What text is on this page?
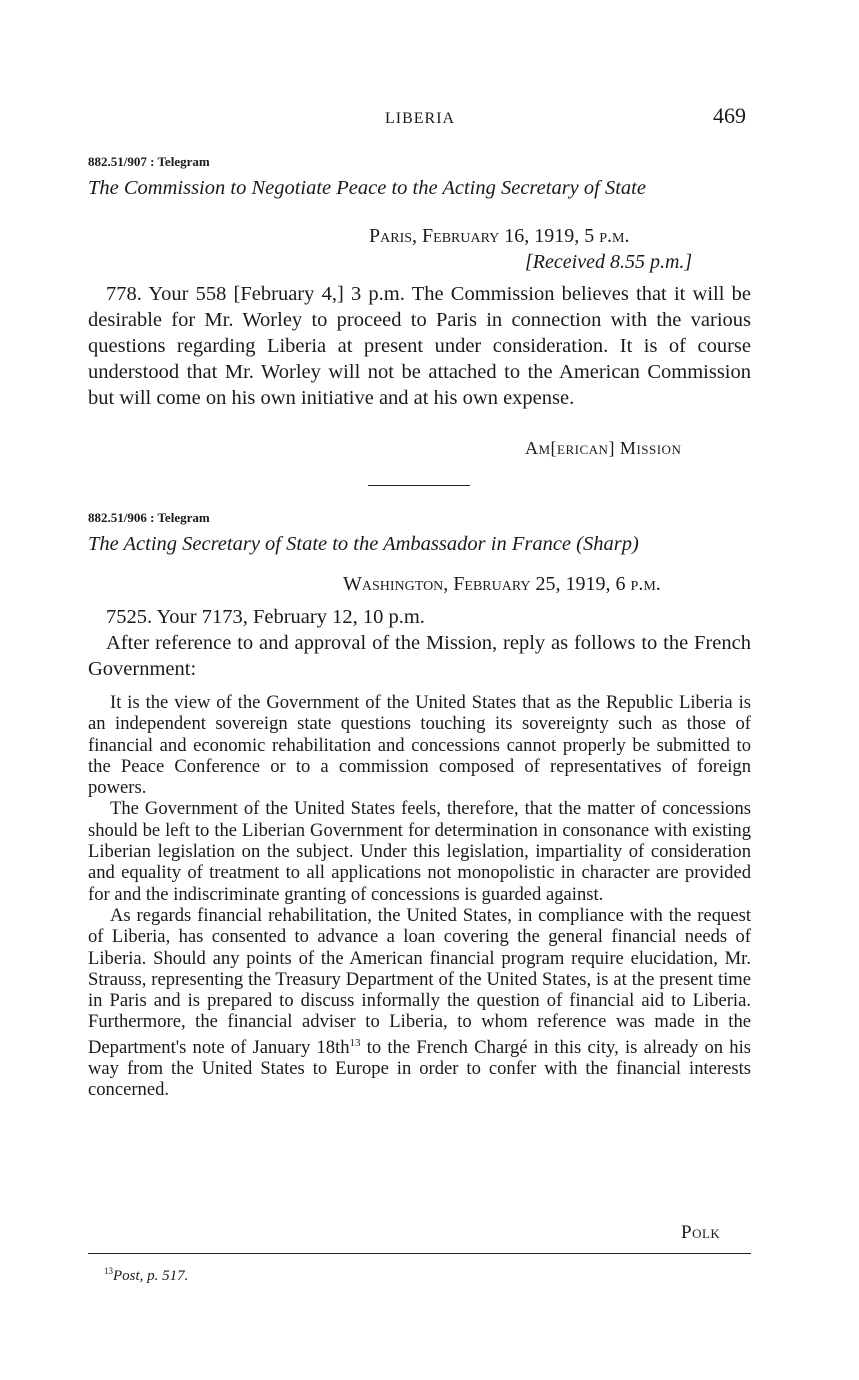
LIBERIA	469
882.51/907 : Telegram
The Commission to Negotiate Peace to the Acting Secretary of State
Paris, February 16, 1919, 5 p.m.
[Received 8.55 p.m.]
778. Your 558 [February 4,] 3 p.m. The Commission believes that it will be desirable for Mr. Worley to proceed to Paris in connection with the various questions regarding Liberia at present under consideration. It is of course understood that Mr. Worley will not be attached to the American Commission but will come on his own initiative and at his own expense.
Am[erican] Mission
882.51/906 : Telegram
The Acting Secretary of State to the Ambassador in France (Sharp)
Washington, February 25, 1919, 6 p.m.
7525. Your 7173, February 12, 10 p.m.
After reference to and approval of the Mission, reply as follows to the French Government:

It is the view of the Government of the United States that as the Republic Liberia is an independent sovereign state questions touching its sovereignty such as those of financial and economic rehabilitation and concessions cannot properly be submitted to the Peace Conference or to a commission composed of representatives of foreign powers.

The Government of the United States feels, therefore, that the matter of concessions should be left to the Liberian Government for determination in consonance with existing Liberian legislation on the subject. Under this legislation, impartiality of consideration and equality of treatment to all applications not monopolistic in character are provided for and the indiscriminate granting of concessions is guarded against.

As regards financial rehabilitation, the United States, in compliance with the request of Liberia, has consented to advance a loan covering the general financial needs of Liberia. Should any points of the American financial program require elucidation, Mr. Strauss, representing the Treasury Department of the United States, is at the present time in Paris and is prepared to discuss informally the question of financial aid to Liberia. Furthermore, the financial adviser to Liberia, to whom reference was made in the Department's note of January 18th$^{13}$ to the French Chargé in this city, is already on his way from the United States to Europe in order to confer with the financial interests concerned.

Polk
$^{13}$Post, p. 517.
